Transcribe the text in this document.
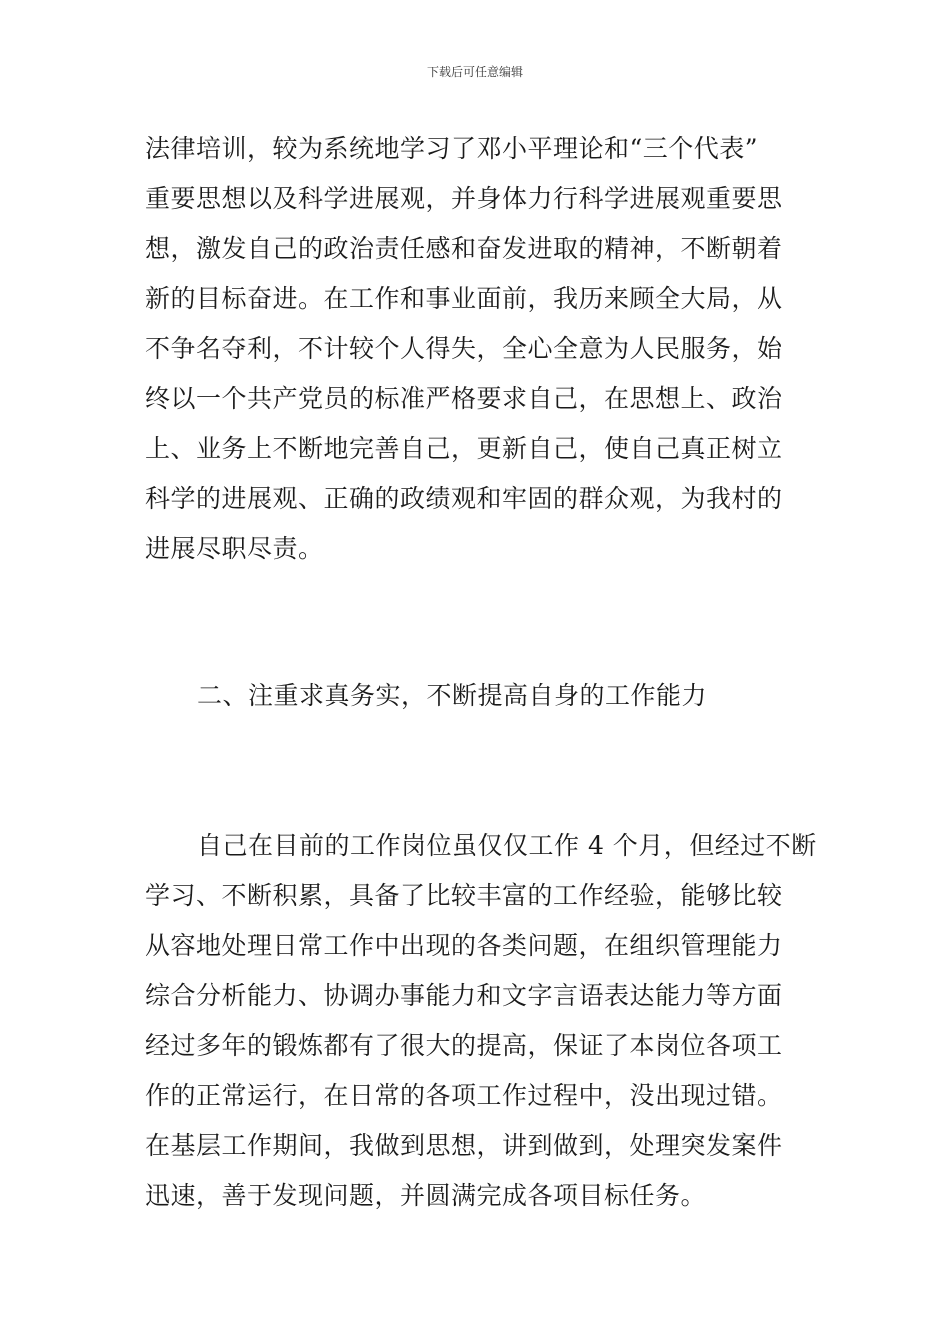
下载后可任意编辑
法律培训，较为系统地学习了邓小平理论和“三个代表”
重要思想以及科学进展观，并身体力行科学进展观重要思
想，激发自己的政治责任感和奋发进取的精神，不断朝着
新的目标奋进。在工作和事业面前，我历来顾全大局，从
不争名夺利，不计较个人得失，全心全意为人民服务，始
终以一个共产党员的标准严格要求自己，在思想上、政治
上、业务上不断地完善自己，更新自己，使自己真正树立
科学的进展观、正确的政绩观和牢固的群众观，为我村的
进展尽职尽责。
二、注重求真务实，不断提高自身的工作能力
自己在目前的工作岗位虽仅仅工作 4 个月，但经过不断
学习、不断积累，具备了比较丰富的工作经验，能够比较
从容地处理日常工作中出现的各类问题，在组织管理能力
综合分析能力、协调办事能力和文字言语表达能力等方面
经过多年的锻炼都有了很大的提高，保证了本岗位各项工
作的正常运行，在日常的各项工作过程中，没出现过错。
在基层工作期间，我做到思想，讲到做到，处理突发案件
迅速，善于发现问题，并圆满完成各项目标任务。
